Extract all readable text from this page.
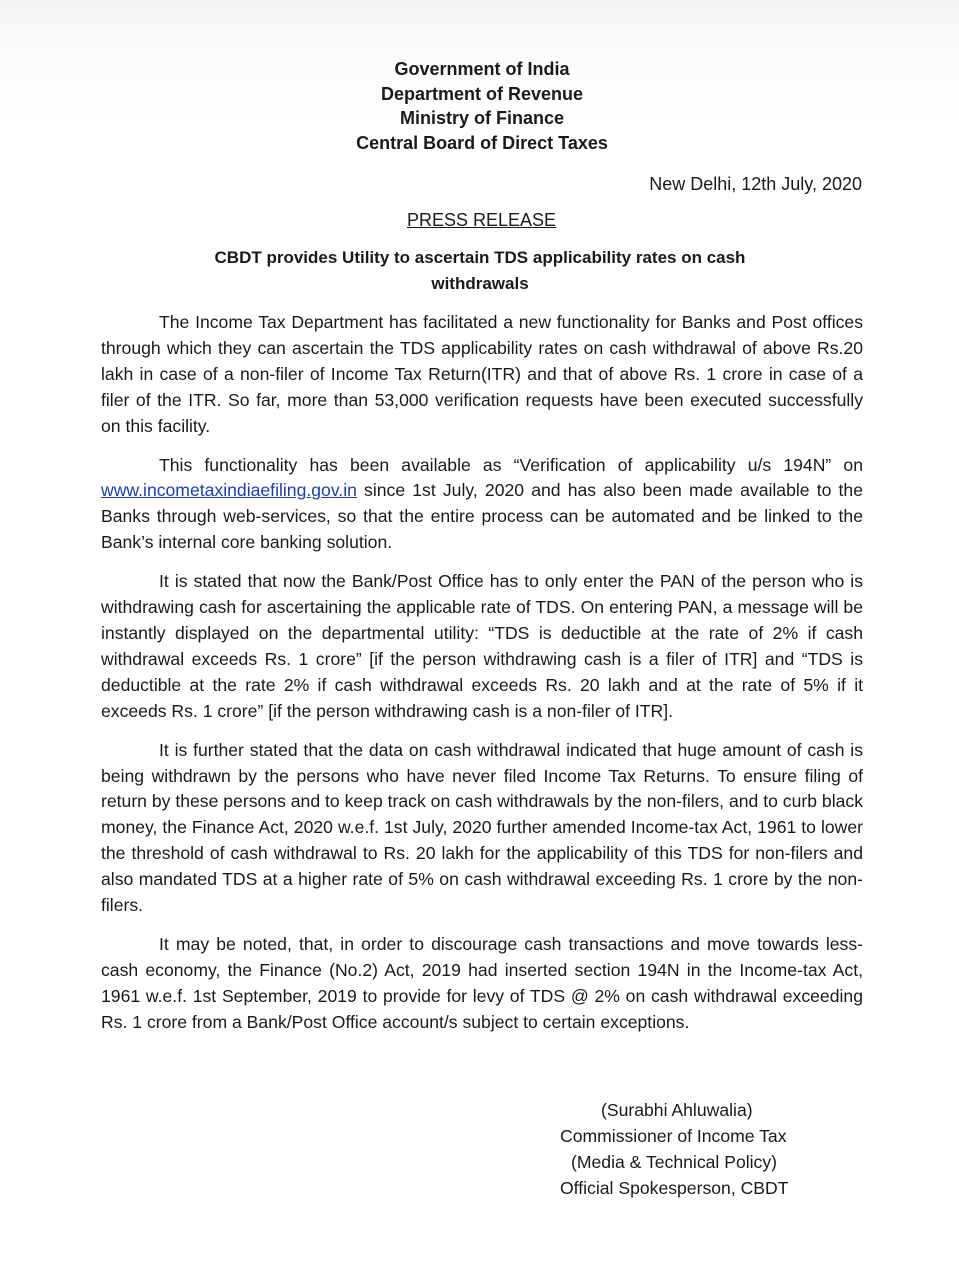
Government of India
Department of Revenue
Ministry of Finance
Central Board of Direct Taxes
New Delhi, 12th July, 2020
PRESS RELEASE
CBDT provides Utility to ascertain TDS applicability rates on cash withdrawals

The Income Tax Department has facilitated a new functionality for Banks and Post offices through which they can ascertain the TDS applicability rates on cash withdrawal of above Rs.20 lakh in case of a non-filer of Income Tax Return(ITR) and that of above Rs. 1 crore in case of a filer of the ITR. So far, more than 53,000 verification requests have been executed successfully on this facility.

This functionality has been available as “Verification of applicability u/s 194N” on www.incometaxindiaefiling.gov.in since 1st July, 2020 and has also been made available to the Banks through web-services, so that the entire process can be automated and be linked to the Bank’s internal core banking solution.

It is stated that now the Bank/Post Office has to only enter the PAN of the person who is withdrawing cash for ascertaining the applicable rate of TDS. On entering PAN, a message will be instantly displayed on the departmental utility: “TDS is deductible at the rate of 2% if cash withdrawal exceeds Rs. 1 crore” [if the person withdrawing cash is a filer of ITR] and “TDS is deductible at the rate 2% if cash withdrawal exceeds Rs. 20 lakh and at the rate of 5% if it exceeds Rs. 1 crore” [if the person withdrawing cash is a non-filer of ITR].

It is further stated that the data on cash withdrawal indicated that huge amount of cash is being withdrawn by the persons who have never filed Income Tax Returns. To ensure filing of return by these persons and to keep track on cash withdrawals by the non-filers, and to curb black money, the Finance Act, 2020 w.e.f. 1st July, 2020 further amended Income-tax Act, 1961 to lower the threshold of cash withdrawal to Rs. 20 lakh for the applicability of this TDS for non-filers and also mandated TDS at a higher rate of 5% on cash withdrawal exceeding Rs. 1 crore by the non-filers.

It may be noted, that, in order to discourage cash transactions and move towards less-cash economy, the Finance (No.2) Act, 2019 had inserted section 194N in the Income-tax Act, 1961 w.e.f. 1st September, 2019 to provide for levy of TDS @ 2% on cash withdrawal exceeding Rs. 1 crore from a Bank/Post Office account/s subject to certain exceptions.

(Surabhi Ahluwalia)
Commissioner of Income Tax
(Media & Technical Policy)
Official Spokesperson, CBDT
